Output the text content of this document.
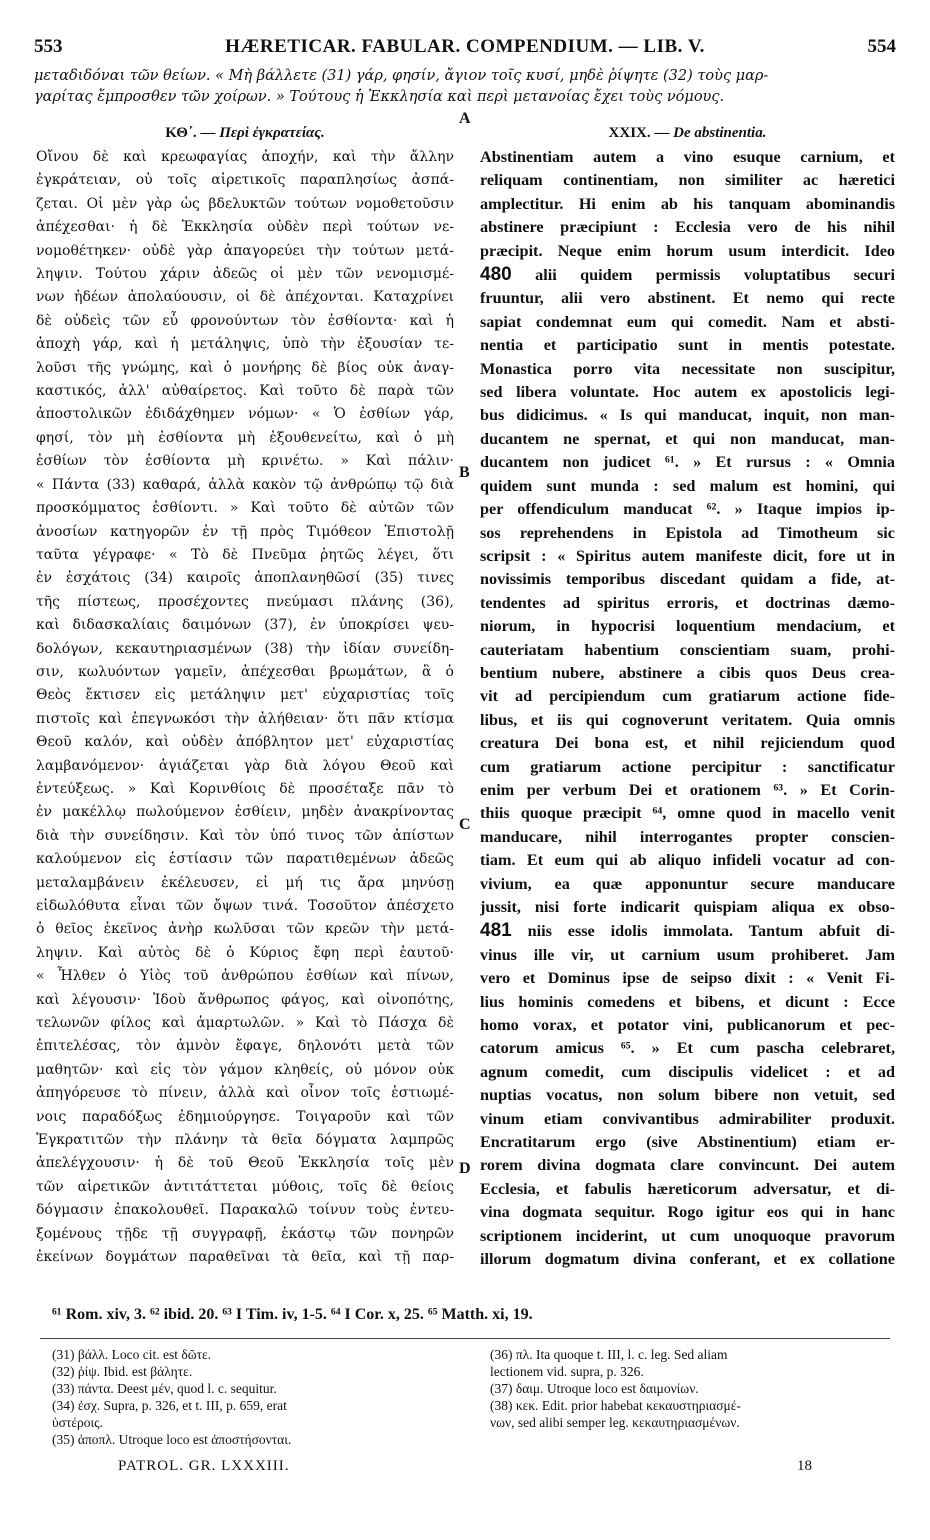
553	HÆRETICAR. FABULAR. COMPENDIUM. — LIB. V.	554
μεταδιδόναι τῶν θείων. « Μὴ βάλλετε (31) γάρ, φησίν, ἄγιον τοῖς κυσί, μηδὲ ῥίψητε (32) τοὺς μαρ-
γαρίτας ἔμπροσθεν τῶν χοίρων. » Τούτους ἡ Ἐκκλησία καὶ περὶ μετανοίας ἔχει τοὺς νόμους.
A
B
C
D
ΚΘ΄. — Περὶ ἐγκρατείας.
Οἴνου δὲ καὶ κρεωφαγίας ἀποχήν, καὶ τὴν ἄλλην
ἐγκράτειαν, οὐ τοῖς αἱρετικοῖς παραπλησίως ἀσπά-
ζεται. Οἱ μὲν γὰρ ὡς βδελυκτῶν τούτων νομοθετοῦσιν
ἀπέχεσθαι· ἡ δὲ Ἐκκλησία οὐδὲν περὶ τούτων νε-
νομοθέτηκεν· οὐδὲ γὰρ ἀπαγορεύει τὴν τούτων μετά-
ληψιν. Τούτου χάριν ἀδεῶς οἱ μὲν τῶν νενομισμέ-
νων ἡδέων ἀπολαύουσιν, οἱ δὲ ἀπέχονται. Καταχρίνει
δὲ οὐδεὶς τῶν εὖ φρονούντων τὸν ἐσθίοντα· καὶ ἡ
ἀποχὴ γάρ, καὶ ἡ μετάληψις, ὑπὸ τὴν ἐξουσίαν τε-
λοῦσι τῆς γνώμης, καὶ ὁ μονήρης δὲ βίος οὐκ ἀναγ-
καστικός, ἀλλ' αὐθαίρετος. Καὶ τοῦτο δὲ παρὰ τῶν
ἀποστολικῶν ἐδιδάχθημεν νόμων· « Ὁ ἐσθίων γάρ,
φησί, τὸν μὴ ἐσθίοντα μὴ ἐξουθενείτω, καὶ ὁ μὴ
ἐσθίων τὸν ἐσθίοντα μὴ κρινέτω. » Καὶ πάλιν·
« Πάντα (33) καθαρά, ἀλλὰ κακὸν τῷ ἀνθρώπῳ τῷ διὰ
προσκόμματος ἐσθίοντι. » Καὶ τοῦτο δὲ αὐτῶν τῶν
ἀνοσίων κατηγορῶν ἐν τῇ πρὸς Τιμόθεον Ἐπιστολῇ
ταῦτα γέγραφε· « Τὸ δὲ Πνεῦμα ῥητῶς λέγει, ὅτι
ἐν ἐσχάτοις (34) καιροῖς ἀποπλανηθῶσί (35) τινες
τῆς πίστεως, προσέχοντες πνεύμασι πλάνης (36),
καὶ διδασκαλίαις δαιμόνων (37), ἐν ὑποκρίσει ψευ-
δολόγων, κεκαυτηριασμένων (38) τὴν ἰδίαν συνείδη-
σιν, κωλυόντων γαμεῖν, ἀπέχεσθαι βρωμάτων, ἃ ὁ
Θεὸς ἔκτισεν εἰς μετάληψιν μετ' εὐχαριστίας τοῖς
πιστοῖς καὶ ἐπεγνωκόσι τὴν ἀλήθειαν· ὅτι πᾶν κτίσμα
Θεοῦ καλόν, καὶ οὐδὲν ἀπόβλητον μετ' εὐχαριστίας
λαμβανόμενον· ἁγιάζεται γὰρ διὰ λόγου Θεοῦ καὶ
ἐντεύξεως. » Καὶ Κορινθίοις δὲ προσέταξε πᾶν τὸ
ἐν μακέλλῳ πωλούμενον ἐσθίειν, μηδὲν ἀνακρίνοντας
διὰ τὴν συνείδησιν. Καὶ τὸν ὑπό τινος τῶν ἀπίστων
καλούμενον εἰς ἑστίασιν τῶν παρατιθεμένων ἀδεῶς
μεταλαμβάνειν ἐκέλευσεν, εἰ μή τις ἄρα μηνύσῃ
εἰδωλόθυτα εἶναι τῶν ὄψων τινά. Τοσοῦτον ἀπέσχετο
ὁ θεῖος ἐκεῖνος ἀνὴρ κωλῦσαι τῶν κρεῶν τὴν μετά-
ληψιν. Καὶ αὐτὸς δὲ ὁ Κύριος ἔφη περὶ ἑαυτοῦ·
« Ἦλθεν ὁ Υἱὸς τοῦ ἀνθρώπου ἐσθίων καὶ πίνων,
καὶ λέγουσιν· Ἰδοὺ ἄνθρωπος φάγος, καὶ οἰνοπότης,
τελωνῶν φίλος καὶ ἁμαρτωλῶν. » Καὶ τὸ Πάσχα δὲ
ἐπιτελέσας, τὸν ἀμνὸν ἔφαγε, δηλονότι μετὰ τῶν
μαθητῶν· καὶ εἰς τὸν γάμον κληθείς, οὐ μόνον οὐκ
ἀπηγόρευσε τὸ πίνειν, ἀλλὰ καὶ οἶνον τοῖς ἑστιωμέ-
νοις παραδόξως ἐδημιούργησε. Τοιγαροῦν καὶ τῶν
Ἐγκρατιτῶν τὴν πλάνην τὰ θεῖα δόγματα λαμπρῶς
ἀπελέγχουσιν· ἡ δὲ τοῦ Θεοῦ Ἐκκλησία τοῖς μὲν
τῶν αἱρετικῶν ἀντιτάττεται μύθοις, τοῖς δὲ θείοις
δόγμασιν ἐπακολουθεῖ. Παρακαλῶ τοίνυν τοὺς ἐντευ-
ξομένους τῇδε τῇ συγγραφῇ, ἑκάστῳ τῶν πονηρῶν
ἐκείνων δογμάτων παραθεῖναι τὰ θεῖα, καὶ τῇ παρ-
XXIX. — De abstinentia.
Abstinentiam autem a vino esuque carnium, et
reliquam continentiam, non similiter ac hæretici
amplectitur. Hi enim ab his tanquam abominandis
abstinere præcipiunt : Ecclesia vero de his nihil
præcipit. Neque enim horum usum interdicit. Ideo
480 alii quidem permissis voluptatibus securi
fruuntur, alii vero abstinent. Et nemo qui recte
sapiat condemnat eum qui comedit. Nam et absti-
nentia et participatio sunt in mentis potestate.
Monastica porro vita necessitate non suscipitur,
sed libera voluntate. Hoc autem ex apostolicis legi-
bus didicimus. « Is qui manducat, inquit, non man-
ducantem ne spernat, et qui non manducat, man-
ducantem non judicet ⁶¹. » Et rursus : « Omnia
quidem sunt munda : sed malum est homini, qui
per offendiculum manducat ⁶². » Itaque impios ip-
sos reprehendens in Epistola ad Timotheum sic
scripsit : « Spiritus autem manifeste dicit, fore ut in
novissimis temporibus discedant quidam a fide, at-
tendentes ad spiritus erroris, et doctrinas dæmo-
niorum, in hypocrisi loquentium mendacium, et
cauteriatam habentium conscientiam suam, prohi-
bentium nubere, abstinere a cibis quos Deus crea-
vit ad percipiendum cum gratiarum actione fide-
libus, et iis qui cognoverunt veritatem. Quia omnis
creatura Dei bona est, et nihil rejiciendum quod
cum gratiarum actione percipitur : sanctificatur
enim per verbum Dei et orationem ⁶³. » Et Corin-
thiis quoque præcipit ⁶⁴, omne quod in macello venit
manducare, nihil interrogantes propter conscien-
tiam. Et eum qui ab aliquo infideli vocatur ad con-
vivium, ea quæ apponuntur secure manducare
jussit, nisi forte indicarit quispiam aliqua ex obso-
481 niis esse idolis immolata. Tantum abfuit di-
vinus ille vir, ut carnium usum prohiberet. Jam
vero et Dominus ipse de seipso dixit : « Venit Fi-
lius hominis comedens et bibens, et dicunt : Ecce
homo vorax, et potator vini, publicanorum et pec-
catorum amicus ⁶⁵. » Et cum pascha celebraret,
agnum comedit, cum discipulis videlicet : et ad
nuptias vocatus, non solum bibere non vetuit, sed
vinum etiam convivantibus admirabiliter produxit.
Encratitarum ergo (sive Abstinentium) etiam er-
rorem divina dogmata clare convincunt. Dei autem
Ecclesia, et fabulis hæreticorum adversatur, et di-
vina dogmata sequitur. Rogo igitur eos qui in hanc
scriptionem inciderint, ut cum unoquoque pravorum
illorum dogmatum divina conferant, et ex collatione
⁶¹ Rom. xiv, 3. ⁶² ibid. 20. ⁶³ I Tim. iv, 1-5. ⁶⁴ I Cor. x, 25. ⁶⁵ Matth. xi, 19.
(31) βάλλ. Loco cit. est δῶτε.
(32) ῥίψ. Ibid. est βάλητε.
(33) πάντα. Deest μέν, quod l. c. sequitur.
(34) ἐσχ. Supra, p. 326, et t. III, p. 659, erat
ὑστέροις.
(35) ἀποπλ. Utroque loco est ἀποστήσονται.
(36) πλ. Ita quoque t. III, l. c. leg. Sed aliam
lectionem vid. supra, p. 326.
(37) δαιμ. Utroque loco est δαιμονίων.
(38) κεκ. Edit. prior habebat κεκαυστηριασμέ-
νων, sed alibi semper leg. κεκαυτηριασμένων.
PATROL. GR. LXXXIII.	18
